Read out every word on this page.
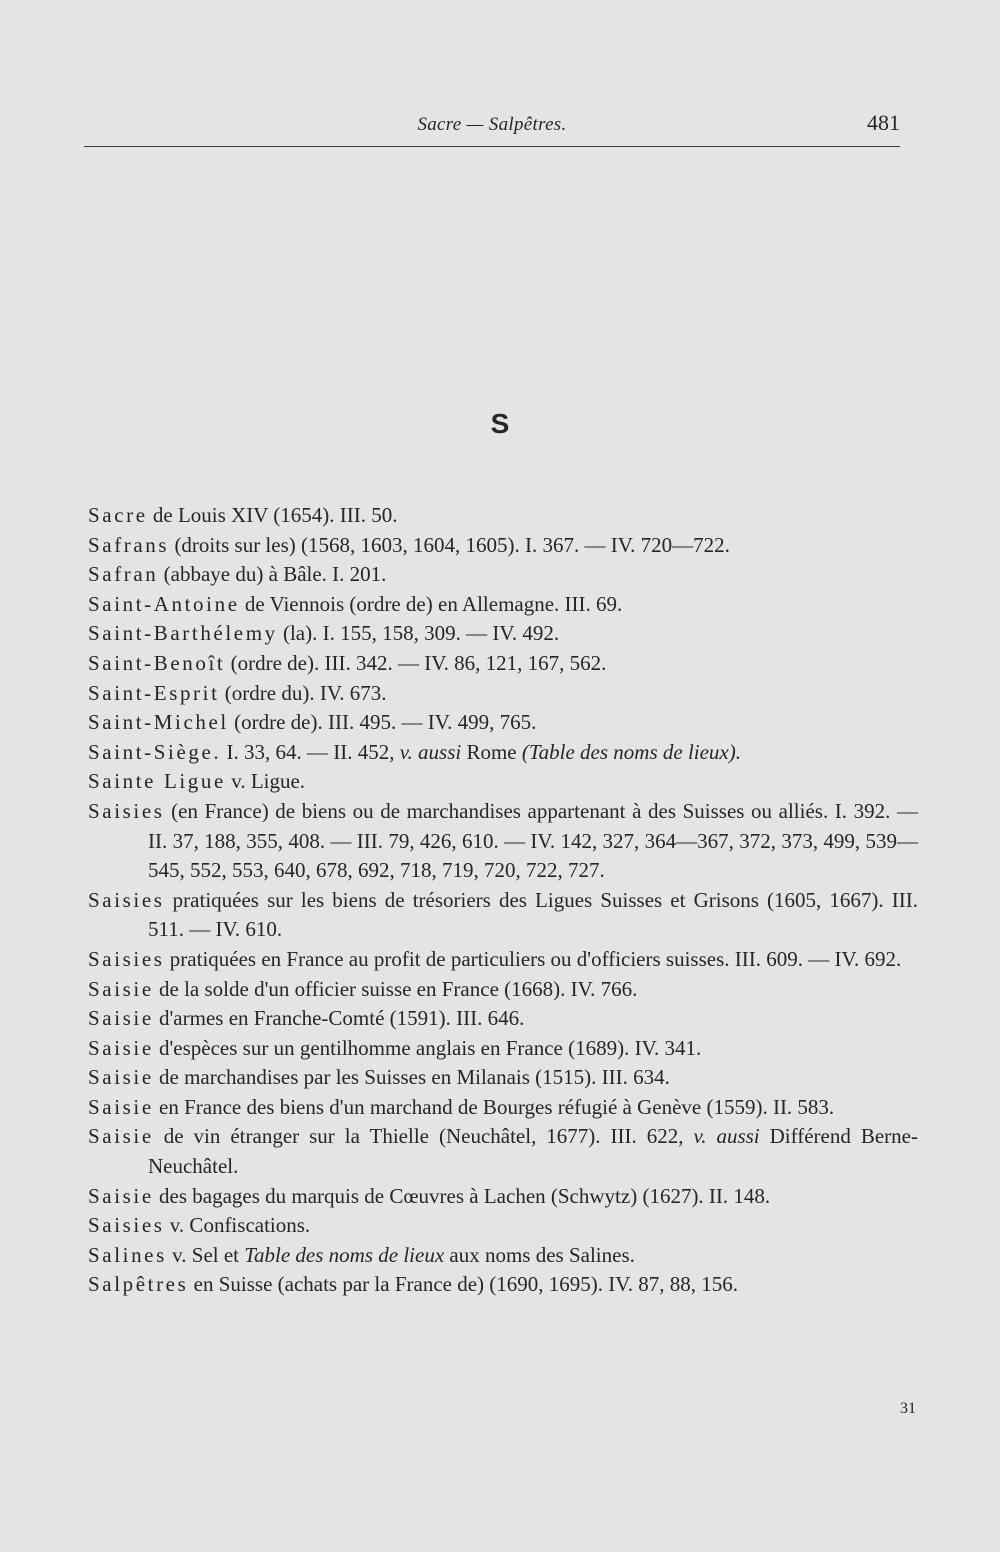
Sacre — Salpêtres.	481
S
Sacre de Louis XIV (1654). III. 50.
Safrans (droits sur les) (1568, 1603, 1604, 1605). I. 367. — IV. 720—722.
Safran (abbaye du) à Bâle. I. 201.
Saint-Antoine de Viennois (ordre de) en Allemagne. III. 69.
Saint-Barthélemy (la). I. 155, 158, 309. — IV. 492.
Saint-Benoît (ordre de). III. 342. — IV. 86, 121, 167, 562.
Saint-Esprit (ordre du). IV. 673.
Saint-Michel (ordre de). III. 495. — IV. 499, 765.
Saint-Siège. I. 33, 64. — II. 452, v. aussi Rome (Table des noms de lieux).
Sainte Ligue v. Ligue.
Saisies (en France) de biens ou de marchandises appartenant à des Suisses ou alliés. I. 392. — II. 37, 188, 355, 408. — III. 79, 426, 610. — IV. 142, 327, 364—367, 372, 373, 499, 539—545, 552, 553, 640, 678, 692, 718, 719, 720, 722, 727.
Saisies pratiquées sur les biens de trésoriers des Ligues Suisses et Grisons (1605, 1667). III. 511. — IV. 610.
Saisies pratiquées en France au profit de particuliers ou d'officiers suisses. III. 609. — IV. 692.
Saisie de la solde d'un officier suisse en France (1668). IV. 766.
Saisie d'armes en Franche-Comté (1591). III. 646.
Saisie d'espèces sur un gentilhomme anglais en France (1689). IV. 341.
Saisie de marchandises par les Suisses en Milanais (1515). III. 634.
Saisie en France des biens d'un marchand de Bourges réfugié à Genève (1559). II. 583.
Saisie de vin étranger sur la Thielle (Neuchâtel, 1677). III. 622, v. aussi Différend Berne-Neuchâtel.
Saisie des bagages du marquis de Cœuvres à Lachen (Schwytz) (1627). II. 148.
Saisies v. Confiscations.
Salines v. Sel et Table des noms de lieux aux noms des Salines.
Salpêtres en Suisse (achats par la France de) (1690, 1695). IV. 87, 88, 156.
31
